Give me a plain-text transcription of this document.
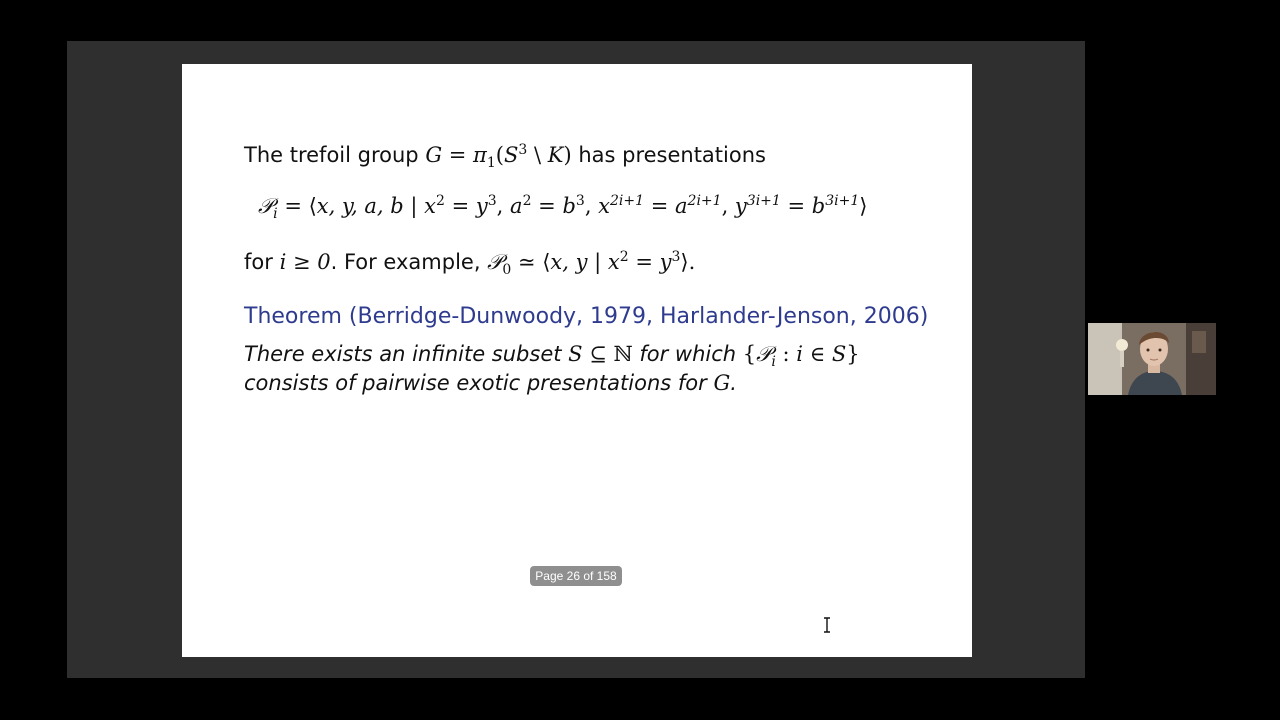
The trefoil group $G = \pi_1(S^3$ \ K) has presentations
𝒫$_i$ = ⟨x, y, a, b | $x^2 = y^3$, $a^2 = b^3$, $x^{2i+1} = a^{2i+1}$, $y^{3i+1}$ = $b^{3i+1}⟩$
for i ≥ 0. For example, 𝒫$_0$ ≃ ⟨x, y | $x^2$ = $y^3⟩$.
Theorem (Berridge-Dunwoody, 1979, Harlander-Jenson, 2006)
There exists an infinite subset S ⊆ ℕ for which {𝒫$_i$ : i ∈ S}
consists of pairwise exotic presentations for G.
Page 26 of 158
